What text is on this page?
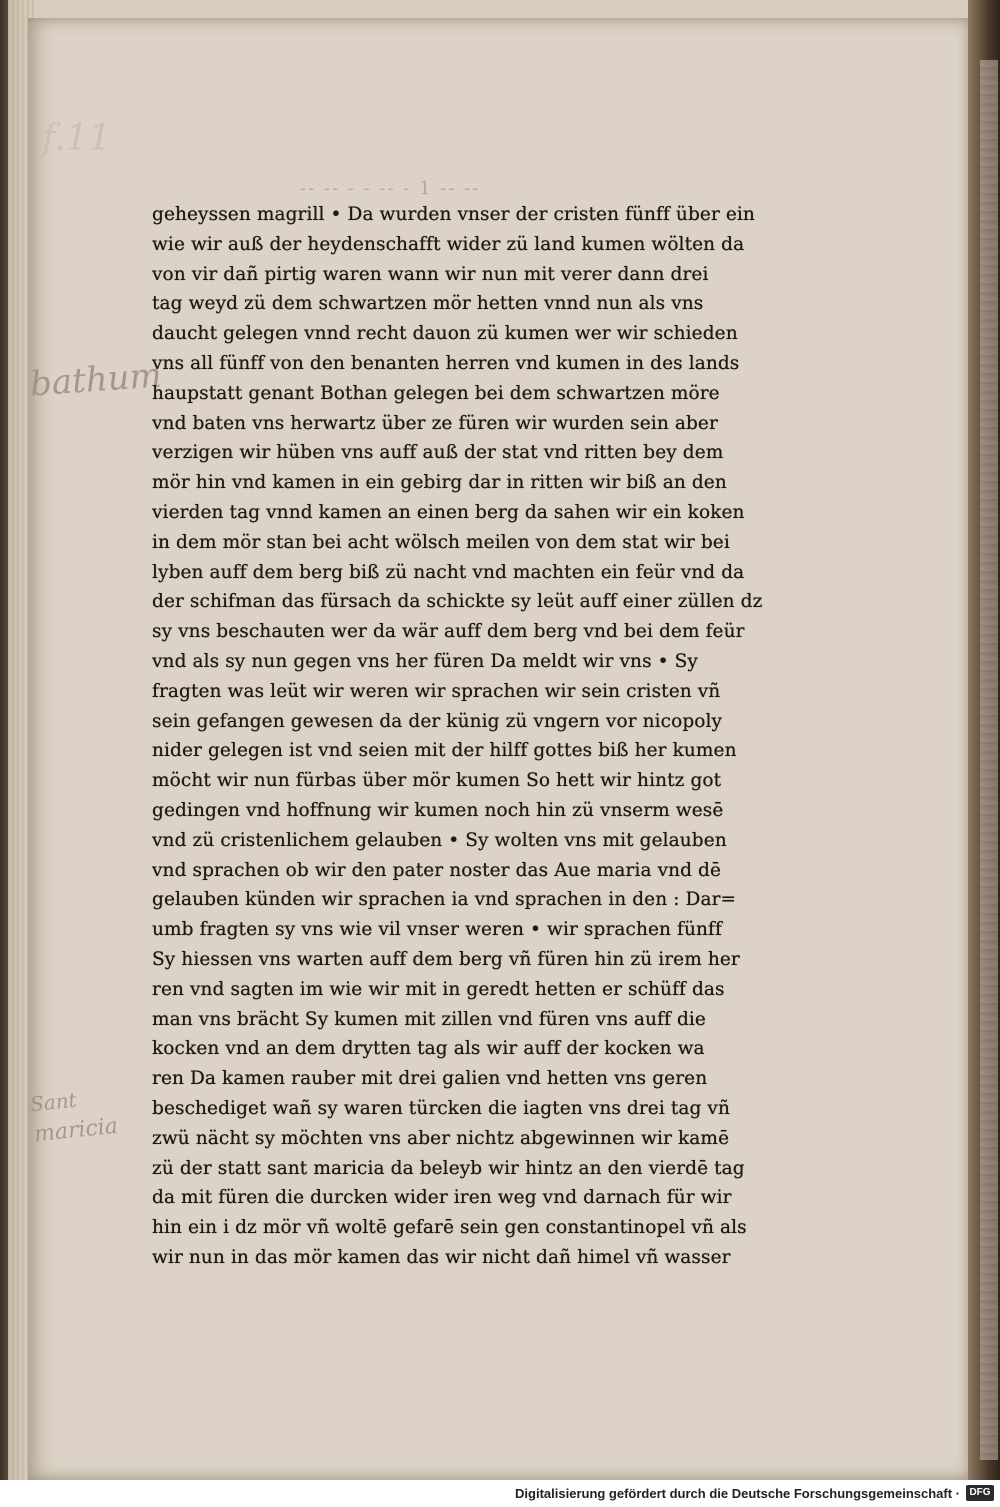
f.11
bathum
Sant
maricia
-- -- - - -- - 1 -- --
geheyssen magrill • Da wurden vnser der cristen fünff über ein
wie wir auß der heydenschafft wider zü land kumen wölten da
von vir dañ pirtig waren wann wir nun mit verer dann drei
tag weyd zü dem schwartzen mör hetten vnnd nun als vns
daucht gelegen vnnd recht dauon zü kumen wer wir schieden
vns all fünff von den benanten herren vnd kumen in des lands
haupstatt genant Bothan gelegen bei dem schwartzen möre
vnd baten vns herwartz über ze füren wir wurden sein aber
verzigen wir hüben vns auff auß der stat vnd ritten bey dem
mör hin vnd kamen in ein gebirg dar in ritten wir biß an den
vierden tag vnnd kamen an einen berg da sahen wir ein koken
in dem mör stan bei acht wölsch meilen von dem stat wir bei
lyben auff dem berg biß zü nacht vnd machten ein feür vnd da
der schifman das fürsach da schickte sy leüt auff einer züllen dz
sy vns beschauten wer da wär auff dem berg vnd bei dem feür
vnd als sy nun gegen vns her füren Da meldt wir vns • Sy
fragten was leüt wir weren wir sprachen wir sein cristen vñ
sein gefangen gewesen da der künig zü vngern vor nicopoly
nider gelegen ist vnd seien mit der hilff gottes biß her kumen
möcht wir nun fürbas über mör kumen So hett wir hintz got
gedingen vnd hoffnung wir kumen noch hin zü vnserm wesē
vnd zü cristenlichem gelauben • Sy wolten vns mit gelauben
vnd sprachen ob wir den pater noster das Aue maria vnd dē
gelauben künden wir sprachen ia vnd sprachen in den : Dar=
umb fragten sy vns wie vil vnser weren • wir sprachen fünff
Sy hiessen vns warten auff dem berg vñ füren hin zü irem her
ren vnd sagten im wie wir mit in geredt hetten er schüff das
man vns brächt Sy kumen mit zillen vnd füren vns auff die
kocken vnd an dem drytten tag als wir auff der kocken wa
ren Da kamen rauber mit drei galien vnd hetten vns geren
beschediget wañ sy waren türcken die iagten vns drei tag vñ
zwü nächt sy möchten vns aber nichtz abgewinnen wir kamē
zü der statt sant maricia da beleyb wir hintz an den vierdē tag
da mit füren die durcken wider iren weg vnd darnach für wir
hin ein i dz mör vñ woltē gefarē sein gen constantinopel vñ als
wir nun in das mör kamen das wir nicht dañ himel vñ wasser
Digitalisierung gefördert durch die Deutsche Forschungsgemeinschaft · DFG
